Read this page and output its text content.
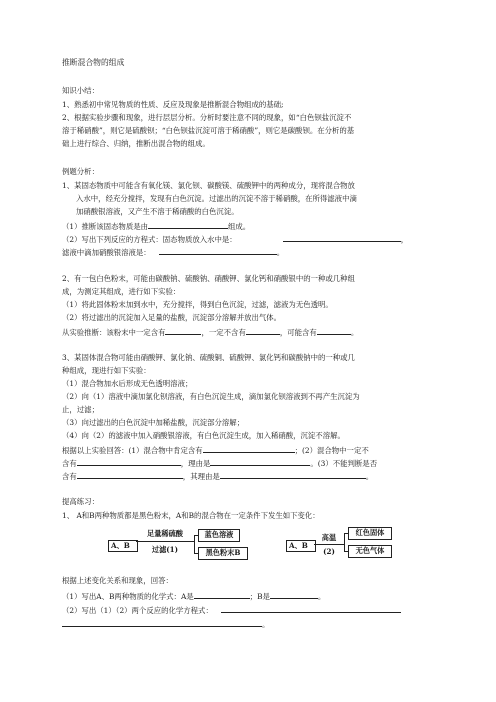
推断混合物的组成
知识小结：
1、熟悉初中常见物质的性质、反应及现象是推断混合物组成的基础;
2、根据实验步骤和现象，进行层层分析。分析时要注意不同的现象，如“白色钡盐沉淀不
溶于稀硝酸”，则它是硫酸钡；“白色钡盐沉淀可溶于稀硝酸”，则它是碳酸钡。在分析的基
础上进行综合、归纳，推断出混合物的组成。
例题分析：
1、某固态物质中可能含有氧化镁、氯化钡、碳酸镁、硫酸钾中的两种成分，现将混合物放
入水中，经充分搅拌，发现有白色沉淀。过滤出的沉淀不溶于稀硝酸，在所得滤液中滴
加硝酸银溶液，又产生不溶于稀硝酸的白色沉淀。
（1）推断该固态物质是由	组成。
（2）写出下列反应的方程式：固态物质放入水中是：	，
滤液中滴加硝酸银溶液是：	。
2、有一包白色粉末，可能由碳酸钠、硫酸钠、硝酸钾、氯化钙和硝酸银中的一种或几种组
成，为测定其组成，进行如下实验：
（1）将此固体粉末加到水中，充分搅拌，得到白色沉淀，过滤，滤液为无色透明。
（2）将过滤出的沉淀加入足量的盐酸，沉淀部分溶解并放出气体。
从实验推断：该粉末中一定含有	，一定不含有	，可能含有	。
3、某固体混合物可能由硝酸钾、氯化钠、硫酸铜、硫酸钾、氯化钙和碳酸钠中的一种或几
种组成，现进行如下实验：
（1）混合物加水后形成无色透明溶液；
（2）向（1）溶液中滴加氯化钡溶液，有白色沉淀生成，滴加氯化钡溶液到不再产生沉淀为
止，过滤；
（3）向过滤出的白色沉淀中加稀盐酸，沉淀部分溶解；
（4）向（2）的滤液中加入硝酸银溶液，有白色沉淀生成，加入稀硝酸，沉淀不溶解。
根据以上实验回答：(1）混合物中肯定含有	；(2）混合物中一定不
含有	，理由是	。(3）不能判断是否
含有	，其理由是	。
提高练习：
1、 A和B两种物质都是黑色粉末，A和B的混合物在一定条件下发生如下变化：
A、B
足量稀硫酸
过滤(1)
蓝色溶液
黑色粉末B
A、B
高温
(2)
红色固体
无色气体
根据上述变化关系和现象，回答：
（1）写出A、B两种物质的化学式：A是	；B是	。
（2）写出（1）（2）两个反应的化学方程式：
。
